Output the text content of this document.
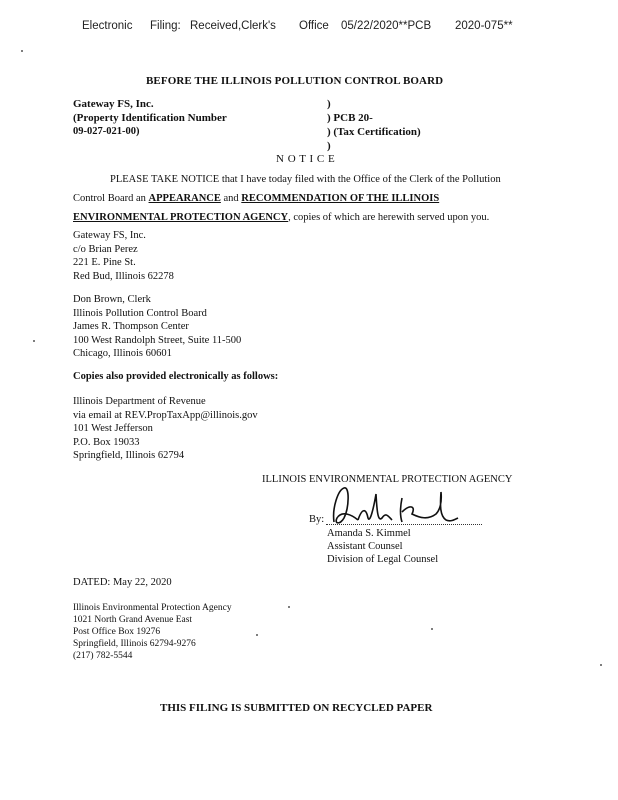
Electronic Filing: Received,Clerk's Office 05/22/2020**PCB 2020-075**
BEFORE THE ILLINOIS POLLUTION CONTROL BOARD
Gateway FS, Inc.
(Property Identification Number
09-027-021-00)
)
) PCB 20-
) (Tax Certification)
)
N O T I C E
PLEASE TAKE NOTICE that I have today filed with the Office of the Clerk of the Pollution
Control Board an APPEARANCE and RECOMMENDATION OF THE ILLINOIS
ENVIRONMENTAL PROTECTION AGENCY, copies of which are herewith served upon you.
Gateway FS, Inc.
c/o Brian Perez
221 E. Pine St.
Red Bud, Illinois 62278
Don Brown, Clerk
Illinois Pollution Control Board
James R. Thompson Center
100 West Randolph Street, Suite 11-500
Chicago, Illinois 60601
Copies also provided electronically as follows:
Illinois Department of Revenue
via email at REV.PropTaxApp@illinois.gov
101 West Jefferson
P.O. Box 19033
Springfield, Illinois 62794
ILLINOIS ENVIRONMENTAL PROTECTION AGENCY
By:
Amanda S. Kimmel
Assistant Counsel
Division of Legal Counsel
DATED: May 22, 2020
Illinois Environmental Protection Agency
1021 North Grand Avenue East
Post Office Box 19276
Springfield, Illinois 62794-9276
(217) 782-5544
THIS FILING IS SUBMITTED ON RECYCLED PAPER
